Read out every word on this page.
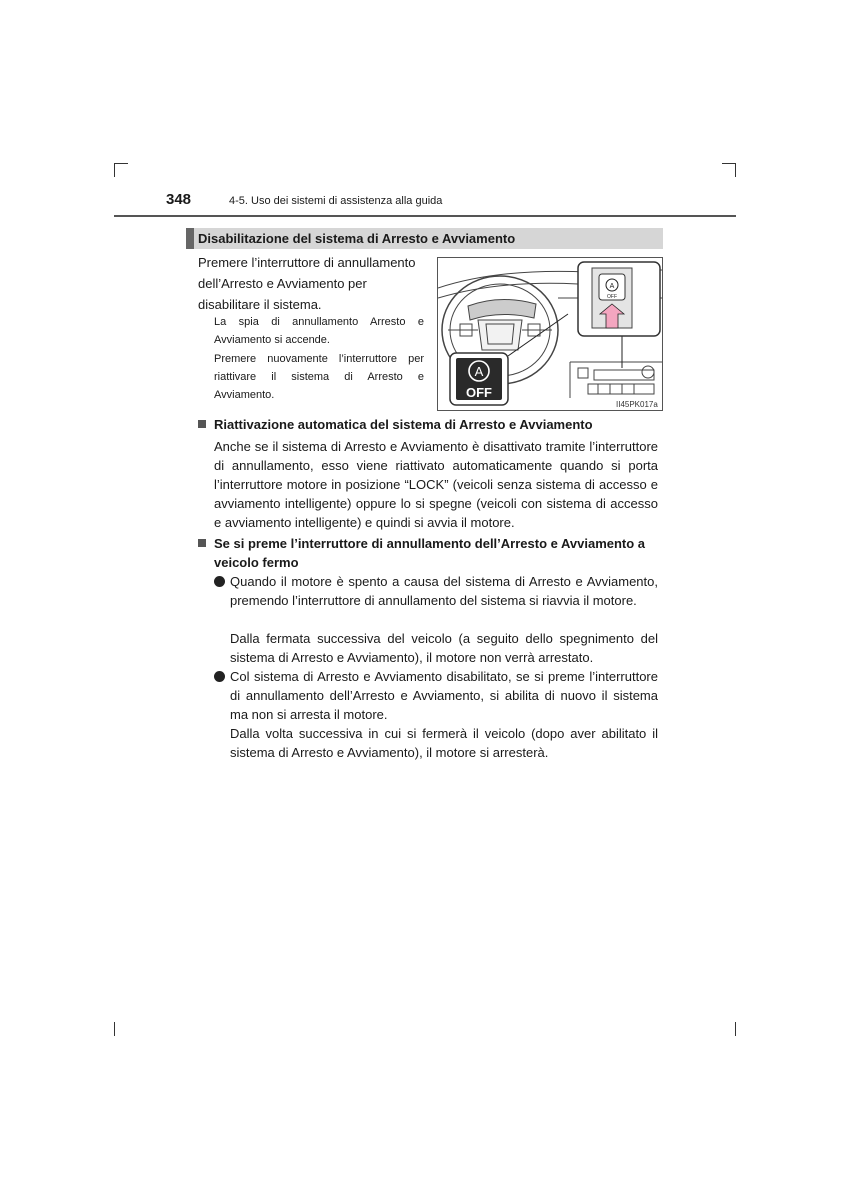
348	4-5. Uso dei sistemi di assistenza alla guida
Disabilitazione del sistema di Arresto e Avviamento
Premere l’interruttore di annullamento dell’Arresto e Avviamento per disabilitare il sistema.
La spia di annullamento Arresto e Avviamento si accende.
Premere nuovamente l’interruttore per riattivare il sistema di Arresto e Avviamento.
A
OFF
A
OFF
II45PK017a
Riattivazione automatica del sistema di Arresto e Avviamento
Anche se il sistema di Arresto e Avviamento è disattivato tramite l’interruttore di annullamento, esso viene riattivato automaticamente quando si porta l’interruttore motore in posizione “LOCK” (veicoli senza sistema di accesso e avviamento intelligente) oppure lo si spegne (veicoli con sistema di accesso e avviamento intelligente) e quindi si avvia il motore.
Se si preme l’interruttore di annullamento dell’Arresto e Avviamento a veicolo fermo
Quando il motore è spento a causa del sistema di Arresto e Avviamento, premendo l’interruttore di annullamento del sistema si riavvia il motore.
Dalla fermata successiva del veicolo (a seguito dello spegnimento del sistema di Arresto e Avviamento), il motore non verrà arrestato.
Col sistema di Arresto e Avviamento disabilitato, se si preme l’interruttore di annullamento dell’Arresto e Avviamento, si abilita di nuovo il sistema ma non si arresta il motore.
Dalla volta successiva in cui si fermerà il veicolo (dopo aver abilitato il sistema di Arresto e Avviamento), il motore si arresterà.
